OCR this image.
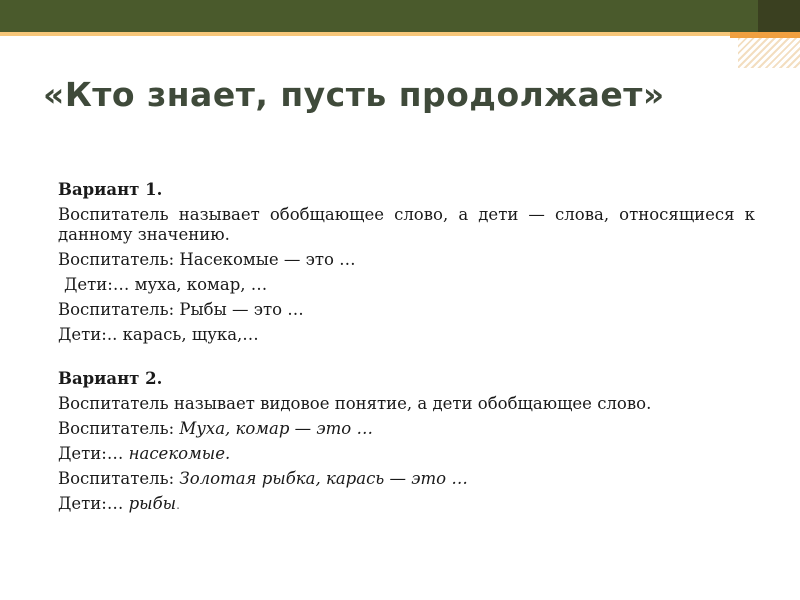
«Кто знает, пусть продолжает»
Вариант 1.
Воспитатель называет обобщающее слово, а дети — слова, относящиеся к данному значению.
Воспитатель: Насекомые — это …
Дети:… муха, комар, …
Воспитатель: Рыбы — это …
Дети:.. карась, щука,…
Вариант 2.
Воспитатель называет видовое понятие, а дети обобщающее слово.
Воспитатель: Муха, комар — это …
Дети:… насекомые.
Воспитатель: Золотая рыбка, карась — это …
Дети:… рыбы.
